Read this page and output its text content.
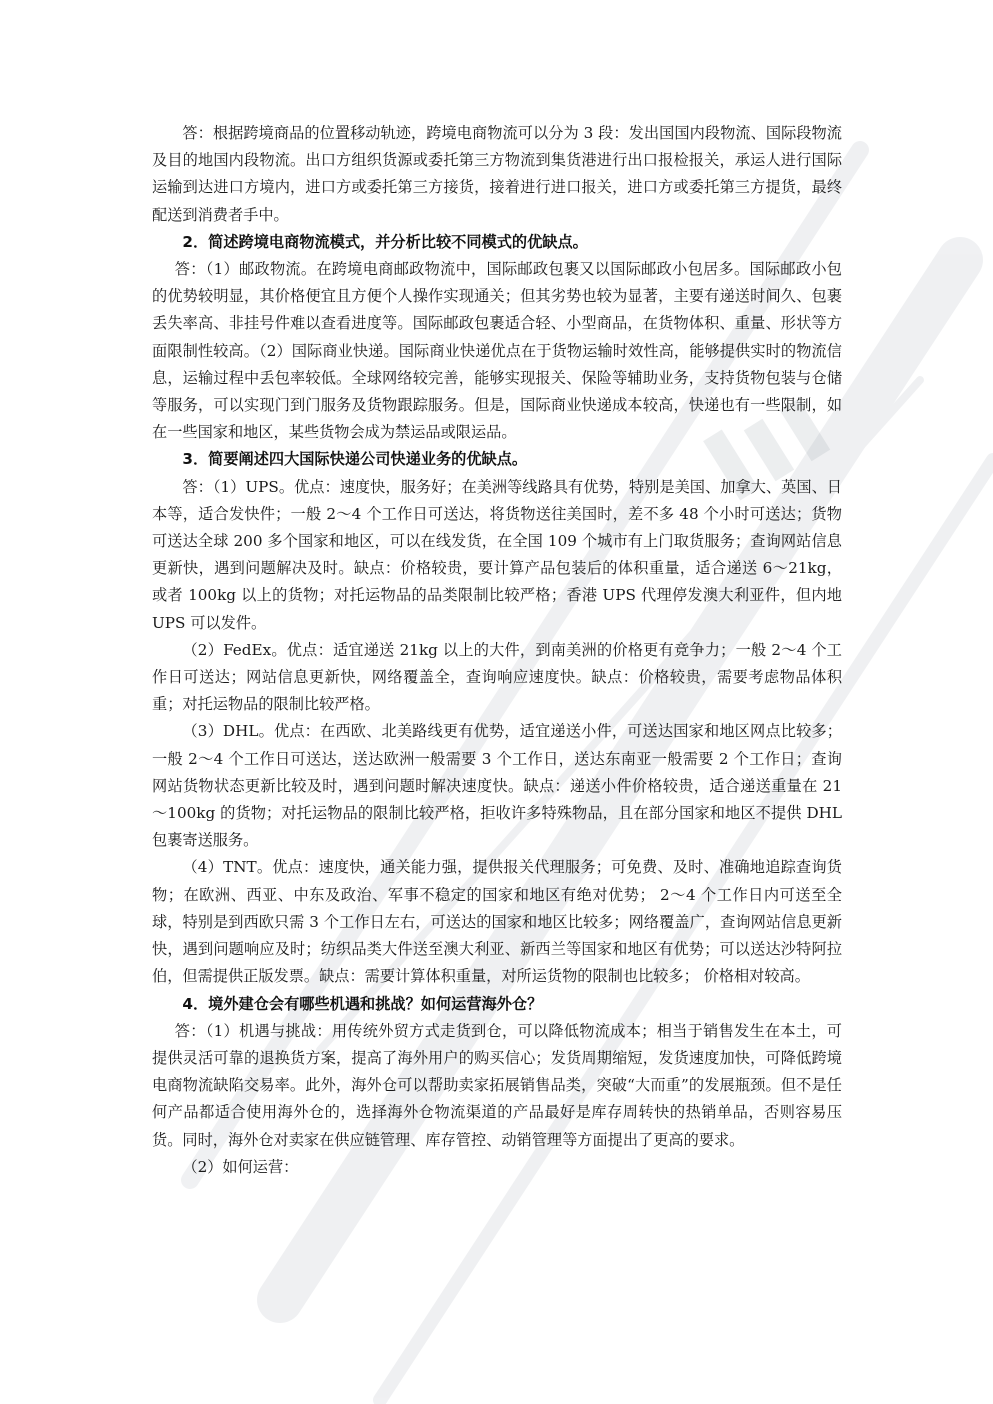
答：根据跨境商品的位置移动轨迹，跨境电商物流可以分为 3 段：发出国国内段物流、国际段物流及目的地国内段物流。出口方组织货源或委托第三方物流到集货港进行出口报检报关，承运人进行国际运输到达进口方境内，进口方或委托第三方接货，接着进行进口报关，进口方或委托第三方提货，最终配送到消费者手中。

2．简述跨境电商物流模式，并分析比较不同模式的优缺点。

答：（1）邮政物流。在跨境电商邮政物流中，国际邮政包裹又以国际邮政小包居多。国际邮政小包的优势较明显，其价格便宜且方便个人操作实现通关；但其劣势也较为显著，主要有递送时间久、包裹丢失率高、非挂号件难以查看进度等。国际邮政包裹适合轻、小型商品，在货物体积、重量、形状等方面限制性较高。（2）国际商业快递。国际商业快递优点在于货物运输时效性高，能够提供实时的物流信息，运输过程中丢包率较低。全球网络较完善，能够实现报关、保险等辅助业务，支持货物包装与仓储等服务，可以实现门到门服务及货物跟踪服务。但是，国际商业快递成本较高，快递也有一些限制，如在一些国家和地区，某些货物会成为禁运品或限运品。

3．简要阐述四大国际快递公司快递业务的优缺点。

答：（1）UPS。优点：速度快，服务好；在美洲等线路具有优势，特别是美国、加拿大、英国、日本等，适合发快件；一般 2～4 个工作日可送达，将货物送往美国时，差不多 48 个小时可送达；货物可送达全球 200 多个国家和地区，可以在线发货，在全国 109 个城市有上门取货服务；查询网站信息更新快，遇到问题解决及时。缺点：价格较贵，要计算产品包装后的体积重量，适合递送 6～21kg，或者 100kg 以上的货物；对托运物品的品类限制比较严格；香港 UPS 代理停发澳大利亚件，但内地 UPS 可以发件。

（2）FedEx。优点：适宜递送 21kg 以上的大件，到南美洲的价格更有竞争力；一般 2～4 个工作日可送达；网站信息更新快，网络覆盖全，查询响应速度快。缺点：价格较贵，需要考虑物品体积重；对托运物品的限制比较严格。

（3）DHL。优点：在西欧、北美路线更有优势，适宜递送小件，可送达国家和地区网点比较多；一般 2～4 个工作日可送达，送达欧洲一般需要 3 个工作日，送达东南亚一般需要 2 个工作日；查询网站货物状态更新比较及时，遇到问题时解决速度快。缺点：递送小件价格较贵，适合递送重量在 21～100kg 的货物；对托运物品的限制比较严格，拒收许多特殊物品，且在部分国家和地区不提供 DHL 包裹寄送服务。

（4）TNT。优点：速度快，通关能力强，提供报关代理服务；可免费、及时、准确地追踪查询货物；在欧洲、西亚、中东及政治、军事不稳定的国家和地区有绝对优势； 2～4 个工作日内可送至全球，特别是到西欧只需 3 个工作日左右，可送达的国家和地区比较多；网络覆盖广，查询网站信息更新快，遇到问题响应及时；纺织品类大件送至澳大利亚、新西兰等国家和地区有优势；可以送达沙特阿拉伯，但需提供正版发票。缺点：需要计算体积重量，对所运货物的限制也比较多； 价格相对较高。

4．境外建仓会有哪些机遇和挑战？如何运营海外仓？

答：（1）机遇与挑战：用传统外贸方式走货到仓，可以降低物流成本；相当于销售发生在本土，可提供灵活可靠的退换货方案，提高了海外用户的购买信心；发货周期缩短，发货速度加快，可降低跨境电商物流缺陷交易率。此外，海外仓可以帮助卖家拓展销售品类，突破“大而重”的发展瓶颈。但不是任何产品都适合使用海外仓的，选择海外仓物流渠道的产品最好是库存周转快的热销单品，否则容易压货。同时，海外仓对卖家在供应链管理、库存管控、动销管理等方面提出了更高的要求。

（2）如何运营：
